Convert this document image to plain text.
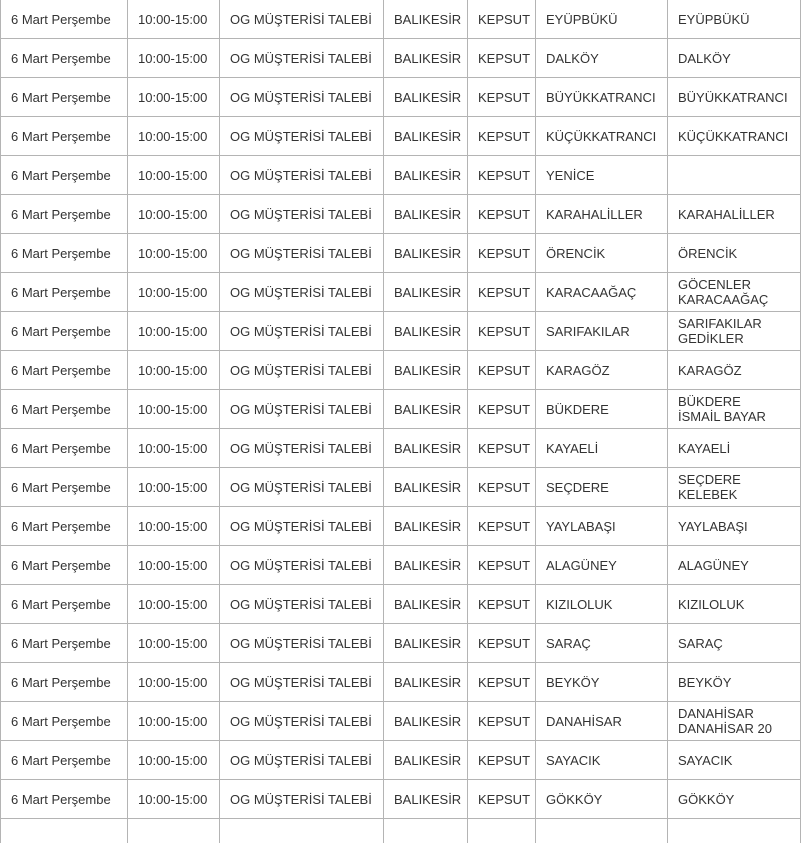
6 Mart Perşembe	10:00-15:00	OG MÜŞTERİSİ TALEBİ	BALIKESİR	KEPSUT	EYÜPBÜKÜ	EYÜPBÜKÜ

6 Mart Perşembe	10:00-15:00	OG MÜŞTERİSİ TALEBİ	BALIKESİR	KEPSUT	DALKÖY	DALKÖY

6 Mart Perşembe	10:00-15:00	OG MÜŞTERİSİ TALEBİ	BALIKESİR	KEPSUT	BÜYÜKKATRANCI	BÜYÜKKATRANCI

6 Mart Perşembe	10:00-15:00	OG MÜŞTERİSİ TALEBİ	BALIKESİR	KEPSUT	KÜÇÜKKATRANCI	KÜÇÜKKATRANCI

6 Mart Perşembe	10:00-15:00	OG MÜŞTERİSİ TALEBİ	BALIKESİR	KEPSUT	YENİCE	
6 Mart Perşembe	10:00-15:00	OG MÜŞTERİSİ TALEBİ	BALIKESİR	KEPSUT	KARAHALİLLER	KARAHALİLLER

6 Mart Perşembe	10:00-15:00	OG MÜŞTERİSİ TALEBİ	BALIKESİR	KEPSUT	ÖRENCİK	ÖRENCİK

6 Mart Perşembe	10:00-15:00	OG MÜŞTERİSİ TALEBİ	BALIKESİR	KEPSUT	KARACAAĞAÇ	GÖCENLER
KARACAAĞAÇ

6 Mart Perşembe	10:00-15:00	OG MÜŞTERİSİ TALEBİ	BALIKESİR	KEPSUT	SARIFAKILAR	SARIFAKILAR
GEDİKLER

6 Mart Perşembe	10:00-15:00	OG MÜŞTERİSİ TALEBİ	BALIKESİR	KEPSUT	KARAGÖZ	KARAGÖZ

6 Mart Perşembe	10:00-15:00	OG MÜŞTERİSİ TALEBİ	BALIKESİR	KEPSUT	BÜKDERE	BÜKDERE
İSMAİL BAYAR

6 Mart Perşembe	10:00-15:00	OG MÜŞTERİSİ TALEBİ	BALIKESİR	KEPSUT	KAYAELİ	KAYAELİ

6 Mart Perşembe	10:00-15:00	OG MÜŞTERİSİ TALEBİ	BALIKESİR	KEPSUT	SEÇDERE	SEÇDERE
KELEBEK

6 Mart Perşembe	10:00-15:00	OG MÜŞTERİSİ TALEBİ	BALIKESİR	KEPSUT	YAYLABAŞI	YAYLABAŞI

6 Mart Perşembe	10:00-15:00	OG MÜŞTERİSİ TALEBİ	BALIKESİR	KEPSUT	ALAGÜNEY	ALAGÜNEY

6 Mart Perşembe	10:00-15:00	OG MÜŞTERİSİ TALEBİ	BALIKESİR	KEPSUT	KIZILOLUK	KIZILOLUK

6 Mart Perşembe	10:00-15:00	OG MÜŞTERİSİ TALEBİ	BALIKESİR	KEPSUT	SARAÇ	SARAÇ

6 Mart Perşembe	10:00-15:00	OG MÜŞTERİSİ TALEBİ	BALIKESİR	KEPSUT	BEYKÖY	BEYKÖY

6 Mart Perşembe	10:00-15:00	OG MÜŞTERİSİ TALEBİ	BALIKESİR	KEPSUT	DANAHİSAR	DANAHİSAR
DANAHİSAR 20

6 Mart Perşembe	10:00-15:00	OG MÜŞTERİSİ TALEBİ	BALIKESİR	KEPSUT	SAYACIK	SAYACIK

6 Mart Perşembe	10:00-15:00	OG MÜŞTERİSİ TALEBİ	BALIKESİR	KEPSUT	GÖKKÖY	GÖKKÖY
